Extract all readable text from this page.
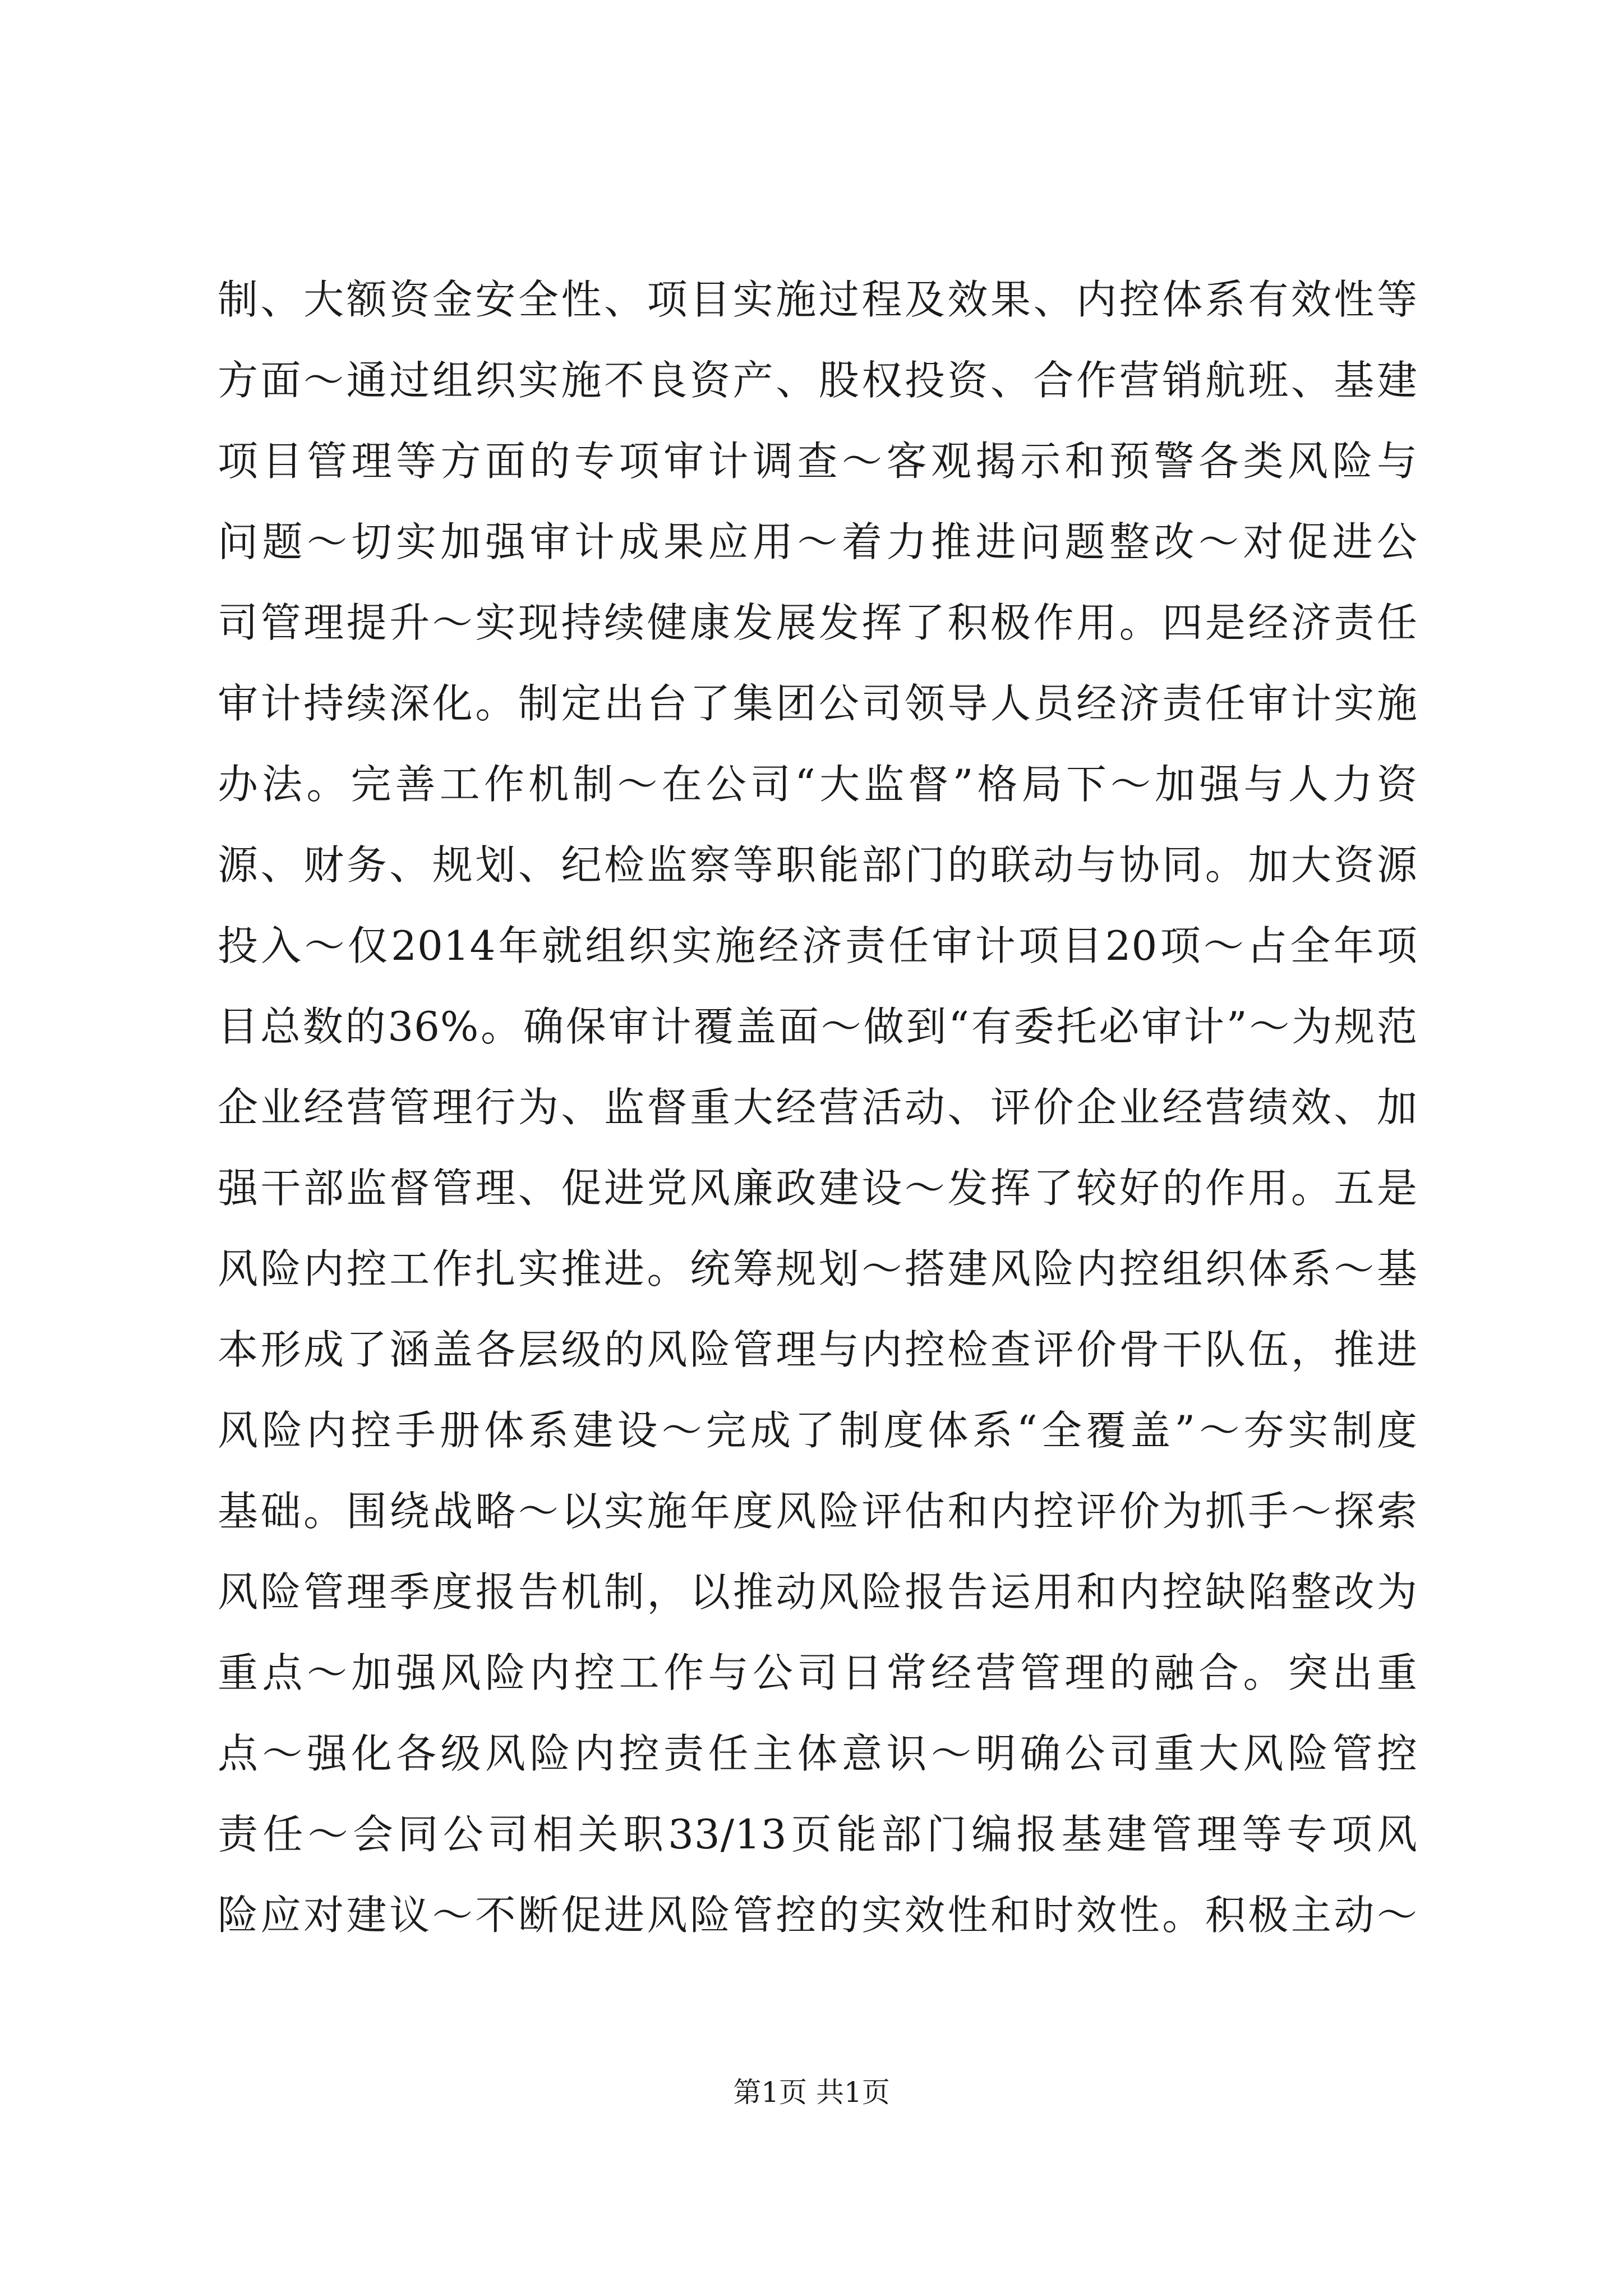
制、大额资金安全性、项目实施过程及效果、内控体系有效性等
方面～通过组织实施不良资产、股权投资、合作营销航班、基建
项目管理等方面的专项审计调查～客观揭示和预警各类风险与
问题～切实加强审计成果应用～着力推进问题整改～对促进公
司管理提升～实现持续健康发展发挥了积极作用。四是经济责任
审计持续深化。制定出台了集团公司领导人员经济责任审计实施
办法。完善工作机制～在公司“大监督”格局下～加强与人力资
源、财务、规划、纪检监察等职能部门的联动与协同。加大资源
投入～仅2014年就组织实施经济责任审计项目20项～占全年项
目总数的36%。确保审计覆盖面～做到“有委托必审计”～为规范
企业经营管理行为、监督重大经营活动、评价企业经营绩效、加
强干部监督管理、促进党风廉政建设～发挥了较好的作用。五是
风险内控工作扎实推进。统筹规划～搭建风险内控组织体系～基
本形成了涵盖各层级的风险管理与内控检查评价骨干队伍，推进
风险内控手册体系建设～完成了制度体系“全覆盖”～夯实制度
基础。围绕战略～以实施年度风险评估和内控评价为抓手～探索
风险管理季度报告机制，以推动风险报告运用和内控缺陷整改为
重点～加强风险内控工作与公司日常经营管理的融合。突出重
点～强化各级风险内控责任主体意识～明确公司重大风险管控
责任～会同公司相关职33/13页能部门编报基建管理等专项风
险应对建议～不断促进风险管控的实效性和时效性。积极主动～
第1页 共1页
